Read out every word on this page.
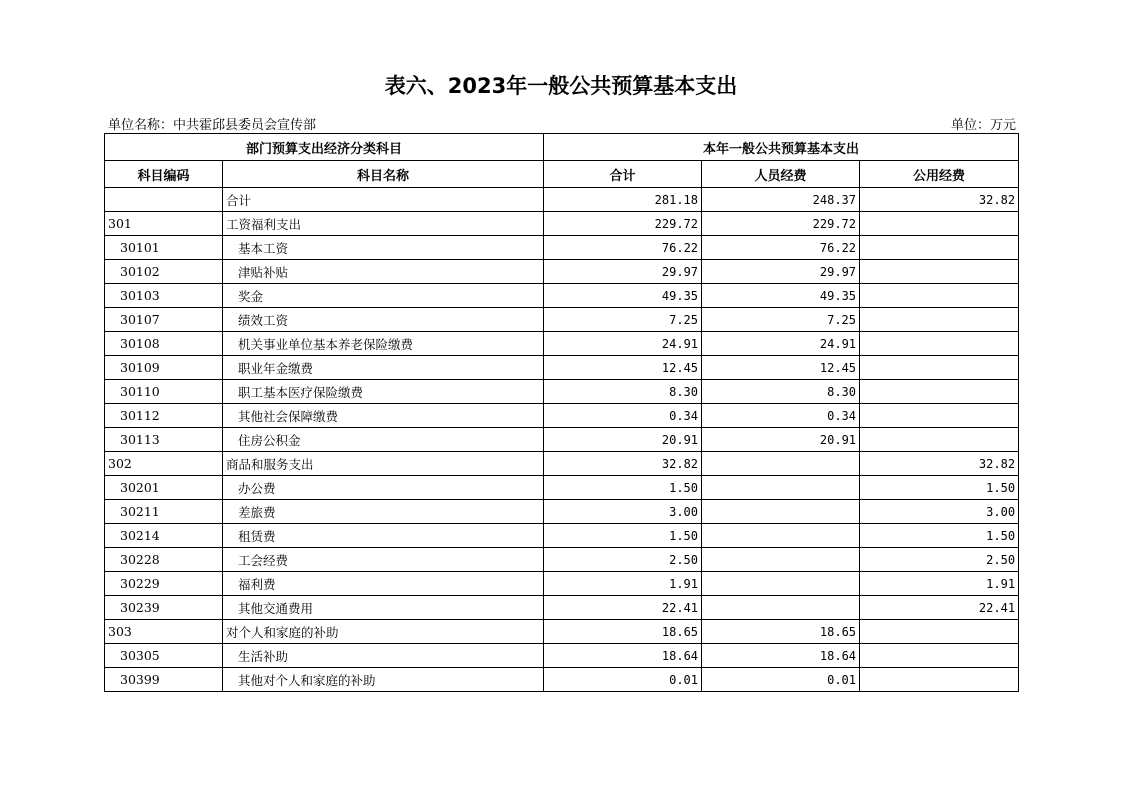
表六、2023年一般公共预算基本支出
单位名称：中共霍邱县委员会宣传部	单位：万元
部门预算支出经济分类科目		本年一般公共预算基本支出		
科目编码	科目名称	合计	人员经费	公用经费
	合计	281.18	248.37	32.82
301	工资福利支出	229.72	229.72	
30101	基本工资	76.22	76.22	
30102	津贴补贴	29.97	29.97	
30103	奖金	49.35	49.35	
30107	绩效工资	7.25	7.25	
30108	机关事业单位基本养老保险缴费	24.91	24.91	
30109	职业年金缴费	12.45	12.45	
30110	职工基本医疗保险缴费	8.30	8.30	
30112	其他社会保障缴费	0.34	0.34	
30113	住房公积金	20.91	20.91	
302	商品和服务支出	32.82		32.82
30201	办公费	1.50		1.50
30211	差旅费	3.00		3.00
30214	租赁费	1.50		1.50
30228	工会经费	2.50		2.50
30229	福利费	1.91		1.91
30239	其他交通费用	22.41		22.41
303	对个人和家庭的补助	18.65	18.65	
30305	生活补助	18.64	18.64	
30399	其他对个人和家庭的补助	0.01	0.01	
